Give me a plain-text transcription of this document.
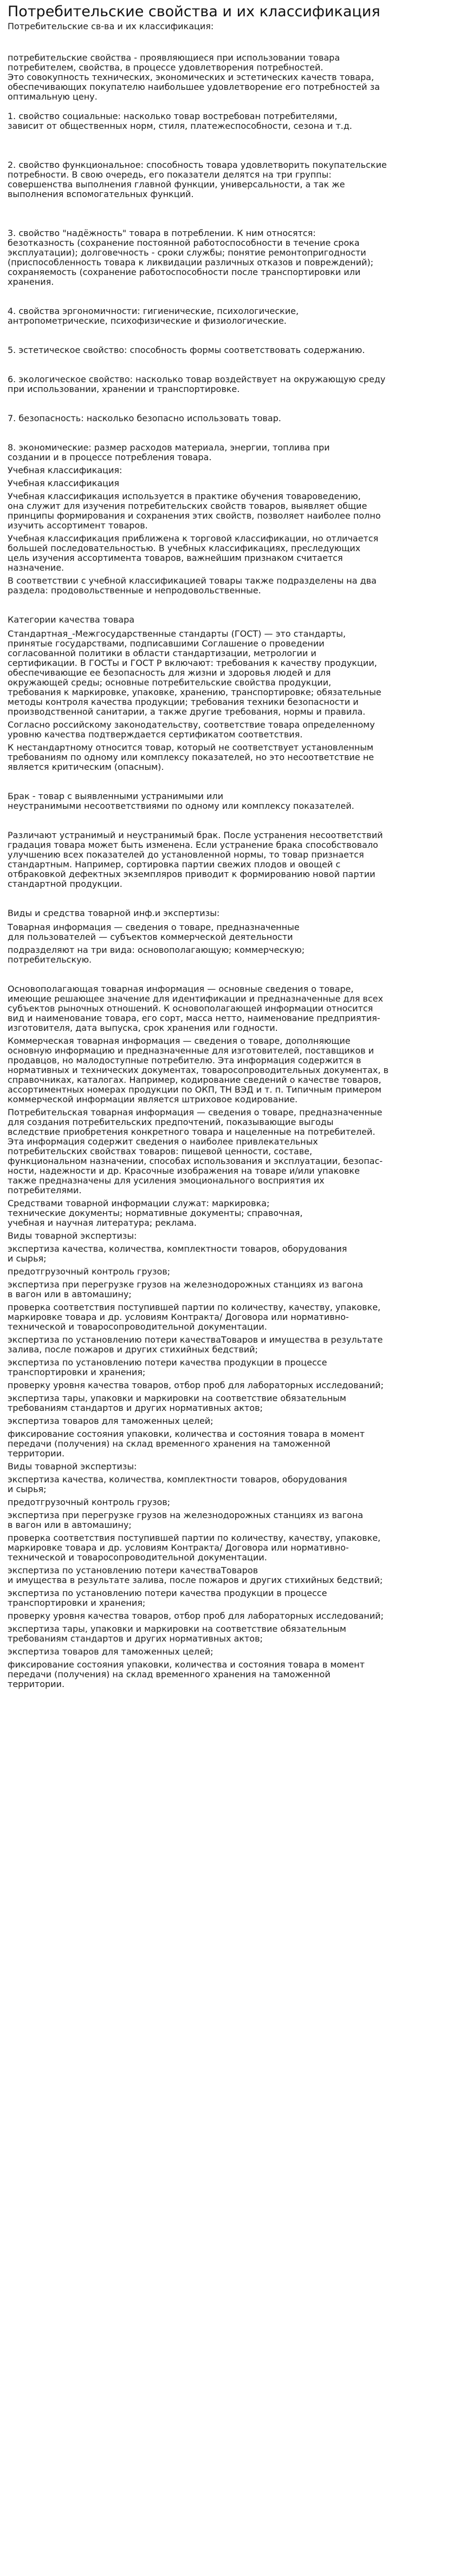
Потребительские свойства и их классификация

Потребительские св-ва и их классификация:

потребительские свойства - проявляющиеся при использовании товара
потребителем, свойства, в процессе удовлетворения потребностей.
Это совокупность технических, экономических и эстетических качеств товара,
обеспечивающих покупателю наибольшее удовлетворение его потребностей за
оптимальную цену.

1. свойство социальные: насколько товар востребован потребителями,
зависит от общественных норм, стиля, платежеспособности, сезона и т.д.

2. свойство функциональное: способность товара удовлетворить покупательские
потребности. В свою очередь, его показатели делятся на три группы:
совершенства выполнения главной функции, универсальности, а так же
выполнения вспомогательных функций.

3. свойство "надёжность" товара в потреблении. К ним относятся:
безотказность (сохранение постоянной работоспособности в течение срока
эксплуатации); долговечность - сроки службы; понятие ремонтопригодности
(приспособленность товара к ликвидации различных отказов и повреждений);
сохраняемость (сохранение работоспособности после транспортировки или
хранения.

4. свойства эргономичности: гигиенические, психологические,
антропометрические, психофизические и физиологические.

5. эстетическое свойство: способность формы соответствовать содержанию.

6. экологическое свойство: насколько товар воздействует на окружающую среду
при использовании, хранении и транспортировке.

7. безопасность: насколько безопасно использовать товар.

8. экономические: размер расходов материала, энергии, топлива при
создании и в процессе потребления товара.

Учебная классификация:

Учебная классификация

Учебная классификация используется в практике обучения товароведению,
она служит для изучения потребительских свойств товаров, выявляет общие
принципы формирования и сохранения этих свойств, позволяет наиболее полно
изучить ассортимент товаров.

Учебная классификация приближена к торговой классификации, но отличается
большей последовательностью. В учебных классификациях, преследующих
цель изучения ассортимента товаров, важнейшим признаком считается
назначение.

В соответствии с учебной классификацией товары также подразделены на два
раздела: продовольственные и непродовольственные.

Категории качества товара

Стандартная_-Межгосударственные стандарты (ГОСТ) — это стандарты,
принятые государствами, подписавшими Соглашение о проведении
согласованной политики в области стандартизации, метрологии и
сертификации. В ГОСТы и ГОСТ Р включают: требования к качеству продукции,
обеспечивающие ее безопасность для жизни и здоровья людей и для
окружающей среды; основные потребительские свойства продукции,
требования к маркировке, упаковке, хранению, транспортировке; обязательные
методы контроля качества продукции; требования техники безопасности и
производственной санитарии, а также другие требования, нормы и правила.

Согласно российскому законодательству, соответствие товара определенному
уровню качества подтверждается сертификатом соответствия.

К нестандартному относится товар, который не соответствует установленным
требованиям по одному или комплексу показателей, но это несоответствие не
является критическим (опасным).

Брак - товар с выявленными устранимыми или
неустранимыми несоответствиями по одному или комплексу показателей.

Различают устранимый и неустранимый брак. После устранения несоответствий
градация товара может быть изменена. Если устранение брака способствовало
улучшению всех показателей до установленной нормы, то товар признается
стандартным. Например, сортировка партии свежих плодов и овощей с
отбраковкой дефектных экземпляров приводит к формированию новой партии
стандартной продукции.

Виды и средства товарной инф.и экспертизы:

Товарная информация — сведения о товаре, предназначенные
для пользователей — субъектов коммерческой деятельности

подразделяют на три вида: основополагающую; коммерческую;
потребительскую.

Основополагающая товарная информация — основные сведения о товаре,
имеющие решающее значение для идентификации и предназначенные для всех
субъектов рыночных отношений. К основополагающей информации относится
вид и наименование товара, его сорт, масса нетто, наименование предприятия-
изготовителя, дата выпуска, срок хранения или годности.

Коммерческая товарная информация — сведения о товаре, дополняющие
основную информацию и предназначенные для изготовителей, поставщиков и
продавцов, но малодоступные потребителю. Эта информация содержится в
нормативных и технических документах, товаросопроводительных документах, в
справочниках, каталогах. Например, кодирование сведений о качестве товаров,
ассортиментных номерах продукции по ОКП, ТН ВЭД и т. п. Типичным примером
коммерческой информации является штриховое кодирование.

Потребительская товарная информация — сведения о товаре, предназначенные
для создания потребительских предпочтений, показывающие выгоды
вследствие приобретения конкретного товара и нацеленные на потребителей.
Эта информация содержит сведения о наиболее привлекательных
потребительских свойствах товаров: пищевой ценности, составе,
функциональном назначении, способах использования и эксплуатации, безопас-
ности, надежности и др. Красочные изображения на товаре и/или упаковке
также предназначены для усиления эмоционального восприятия их
потребителями.

Средствами товарной информации служат: маркировка;
технические документы; нормативные документы; справочная,
учебная и научная литература; реклама.

Виды товарной экспертизы:

экспертиза качества, количества, комплектности товаров, оборудования
и сырья;

предотгрузочный контроль грузов;

экспертиза при перегрузке грузов на железнодорожных станциях из вагона
в вагон или в автомашину;

проверка соответствия поступившей партии по количеству, качеству, упаковке,
маркировке товара и др. условиям Контракта/ Договора или нормативно-
технической и товаросопроводительной документации.

экспертиза по установлению потери качестваТоваров и имущества в результате
залива, после пожаров и других стихийных бедствий;

экспертиза по установлению потери качества продукции в процессе
транспортировки и хранения;

проверку уровня качества товаров, отбор проб для лабораторных исследований;

экспертиза тары, упаковки и маркировки на соответствие обязательным
требованиям стандартов и других нормативных актов;

экспертиза товаров для таможенных целей;

фиксирование состояния упаковки, количества и состояния товара в момент
передачи (получения) на склад временного хранения на таможенной
территории.

Виды товарной экспертизы:

экспертиза качества, количества, комплектности товаров, оборудования
и сырья;

предотгрузочный контроль грузов;

экспертиза при перегрузке грузов на железнодорожных станциях из вагона
в вагон или в автомашину;

проверка соответствия поступившей партии по количеству, качеству, упаковке,
маркировке товара и др. условиям Контракта/ Договора или нормативно-
технической и товаросопроводительной документации.

экспертиза по установлению потери качестваТоваров
и имущества в результате залива, после пожаров и других стихийных бедствий;

экспертиза по установлению потери качества продукции в процессе
транспортировки и хранения;

проверку уровня качества товаров, отбор проб для лабораторных исследований;

экспертиза тары, упаковки и маркировки на соответствие обязательным
требованиям стандартов и других нормативных актов;

экспертиза товаров для таможенных целей;

фиксирование состояния упаковки, количества и состояния товара в момент
передачи (получения) на склад временного хранения на таможенной
территории.
